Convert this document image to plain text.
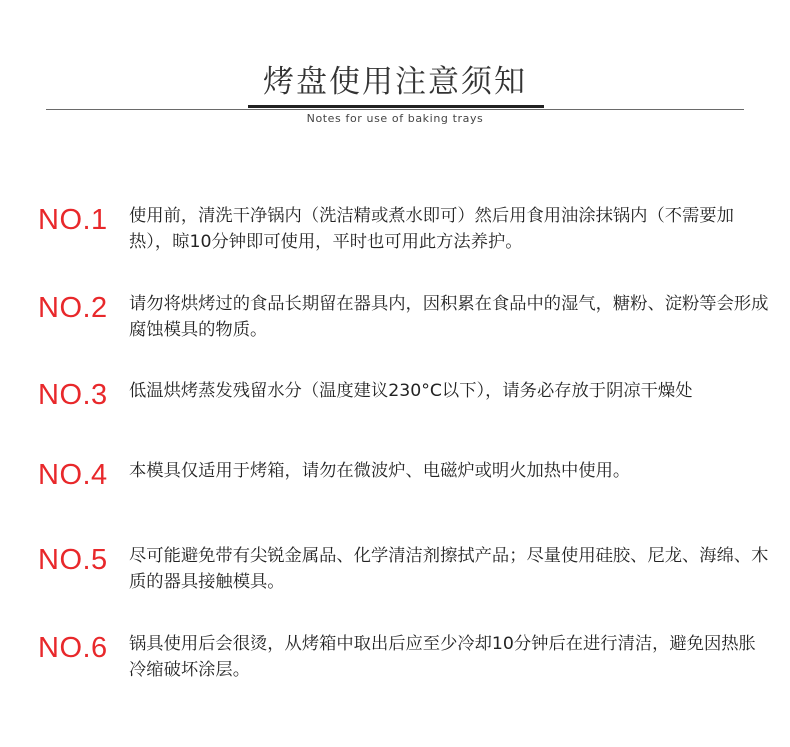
烤盘使用注意须知
Notes for use of baking trays
NO.1	使用前，清洗干净锅内（洗洁精或煮水即可）然后用食用油涂抹锅内（不需要加热），晾10分钟即可使用，平时也可用此方法养护。
NO.2	请勿将烘烤过的食品长期留在器具内，因积累在食品中的湿气，糖粉、淀粉等会形成腐蚀模具的物质。
NO.3	低温烘烤蒸发残留水分（温度建议230°C以下），请务必存放于阴凉干燥处
NO.4	本模具仅适用于烤箱，请勿在微波炉、电磁炉或明火加热中使用。
NO.5	尽可能避免带有尖锐金属品、化学清洁剂擦拭产品；尽量使用硅胶、尼龙、海绵、木质的器具接触模具。
NO.6	锅具使用后会很烫，从烤箱中取出后应至少冷却10分钟后在进行清洁，避免因热胀冷缩破坏涂层。
